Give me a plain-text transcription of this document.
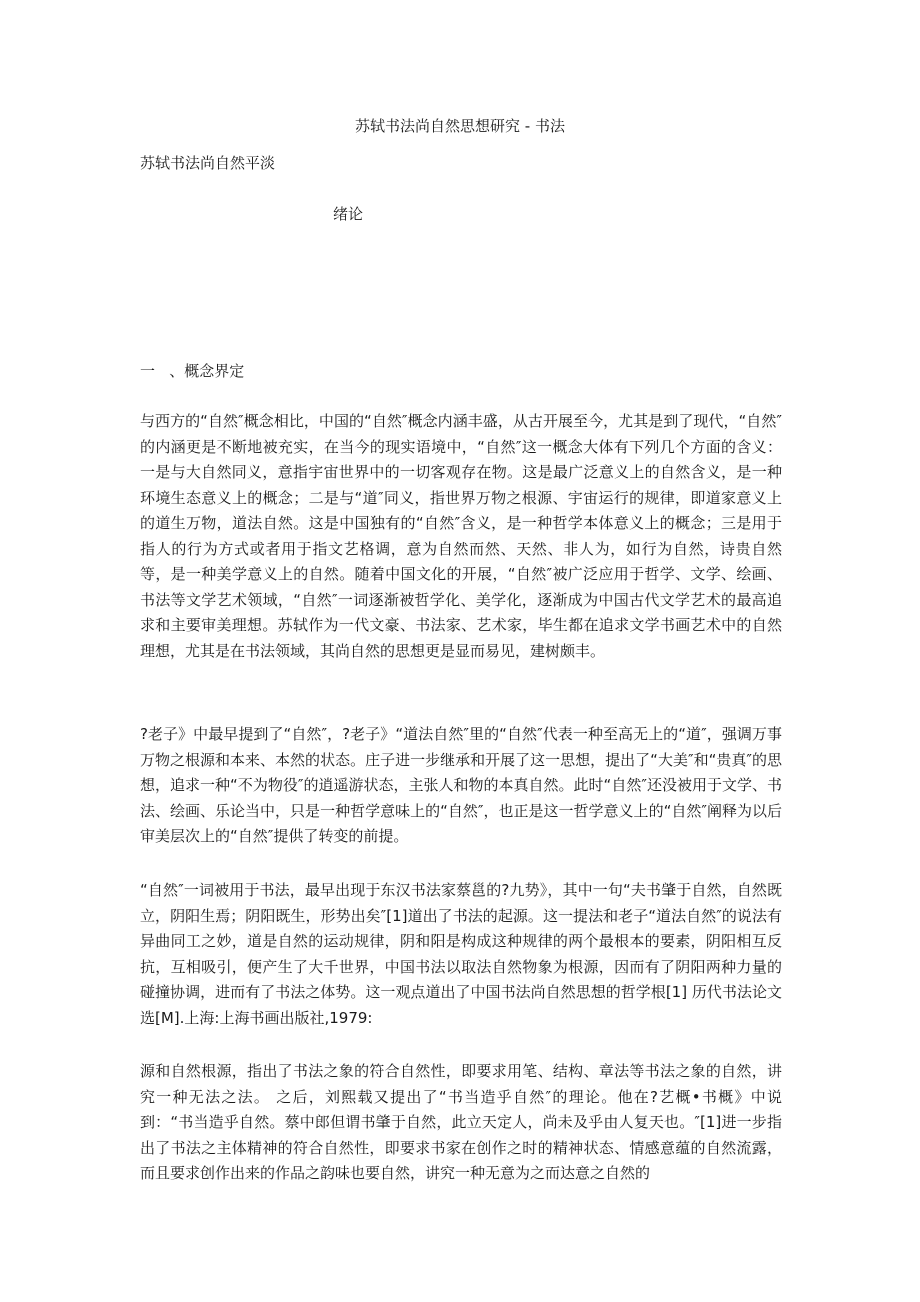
苏轼书法尚自然思想研究 - 书法
苏轼书法尚自然平淡
绪论
一   、概念界定

与西方的“自然″概念相比，中国的“自然″概念内涵丰盛，从古开展至今，尤其是到了现代，“自然″的内涵更是不断地被充实，在当今的现实语境中，“自然″这一概念大体有下列几个方面的含义：一是与大自然同义，意指宇宙世界中的一切客观存在物。这是最广泛意义上的自然含义，是一种环境生态意义上的概念；二是与“道″同义，指世界万物之根源、宇宙运行的规律，即道家意义上的道生万物，道法自然。这是中国独有的“自然″含义，是一种哲学本体意义上的概念；三是用于指人的行为方式或者用于指文艺格调，意为自然而然、天然、非人为，如行为自然，诗贵自然等，是一种美学意义上的自然。随着中国文化的开展，“自然″被广泛应用于哲学、文学、绘画、书法等文学艺术领域，“自然″一词逐渐被哲学化、美学化，逐渐成为中国古代文学艺术的最高追求和主要审美理想。苏轼作为一代文豪、书法家、艺术家，毕生都在追求文学书画艺术中的自然理想，尤其是在书法领域，其尚自然的思想更是显而易见，建树颇丰。

?老子》中最早提到了“自然″，?老子》“道法自然″里的“自然″代表一种至高无上的“道″，强调万事万物之根源和本来、本然的状态。庄子进一步继承和开展了这一思想，提出了“大美″和“贵真″的思想，追求一种“不为物役″的逍遥游状态，主张人和物的本真自然。此时“自然″还没被用于文学、书法、绘画、乐论当中，只是一种哲学意味上的“自然″，也正是这一哲学意义上的“自然″阐释为以后审美层次上的“自然″提供了转变的前提。

“自然″一词被用于书法，最早出现于东汉书法家蔡邕的?九势》，其中一句“夫书肇于自然，自然既立，阴阳生焉；阴阳既生，形势出矣″[1]道出了书法的起源。这一提法和老子“道法自然″的说法有异曲同工之妙，道是自然的运动规律，阴和阳是构成这种规律的两个最根本的要素，阴阳相互反抗，互相吸引，便产生了大千世界，中国书法以取法自然物象为根源，因而有了阴阳两种力量的碰撞协调，进而有了书法之体势。这一观点道出了中国书法尚自然思想的哲学根[1] 历代书法论文选[M].上海:上海书画出版社,1979:

源和自然根源，指出了书法之象的符合自然性，即要求用笔、结构、章法等书法之象的自然，讲究一种无法之法。 之后，刘熙载又提出了“书当造乎自然″的理论。他在?艺概•书概》中说到：“书当造乎自然。蔡中郎但谓书肇于自然，此立天定人，尚未及乎由人复天也。″[1]进一步指出了书法之主体精神的符合自然性，即要求书家在创作之时的精神状态、情感意蕴的自然流露，而且要求创作出来的作品之韵味也要自然，讲究一种无意为之而达意之自然的
